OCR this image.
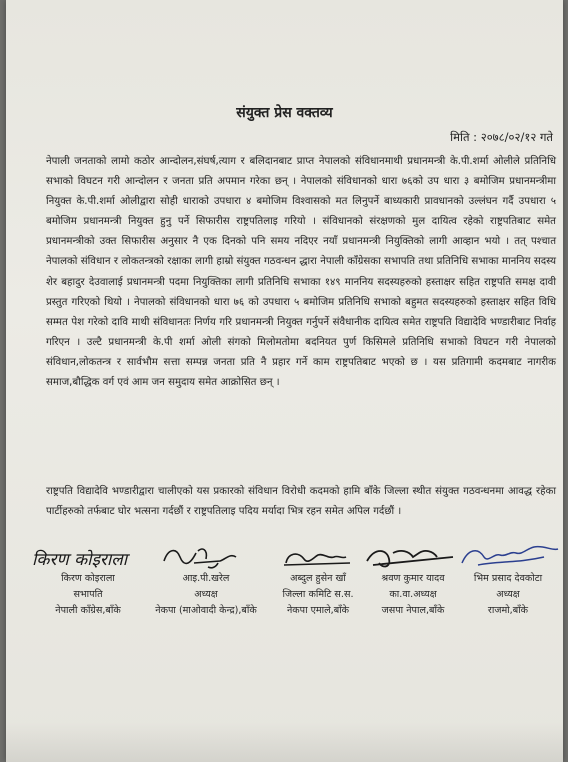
संयुक्त प्रेस वक्तव्य
मिति : २०७८/०२/१२ गते
नेपाली जनताको लामो कठोर आन्दोलन,संघर्ष,त्याग र बलिदानबाट प्राप्त नेपालको संविधानमाथी प्रधानमन्त्री के.पी.शर्मा ओलीले प्रतिनिधि सभाको विघटन गरी आन्दोलन र जनता प्रति अपमान गरेका छन् । नेपालको संविधानको धारा ७६को उप धारा ३ बमोजिम प्रधानमन्त्रीमा नियुक्त के.पी.शर्मा ओलीद्वारा सोही धाराको उपधारा ४ बमोजिम विश्वासको मत लिनुपर्ने बाध्यकारी प्रावधानको उल्लंघन गर्दै उपधारा ५ बमोजिम प्रधानमन्त्री नियुक्त हुनु पर्ने सिफारीस राष्ट्रपतिलाइ गरियो । संविधानको संरक्षणको मुल दायित्व रहेको राष्ट्रपतिबाट समेत प्रधानमन्त्रीको उक्त सिफारीस अनुसार नै एक दिनको पनि समय नदिएर नयाँ प्रधानमन्त्री नियुक्तिको लागी आव्हान भयो । तत् पश्चात नेपालको संविधान र लोकतन्त्रको रक्षाका लागी हाम्रो संयुक्त गठवन्धन द्धारा नेपाली काँग्रेसका सभापति तथा प्रतिनिधि सभाका माननिय सदस्य शेर बहादुर देउवालाई प्रधानमन्त्री पदमा नियुक्तिका लागी प्रतिनिधि सभाका १४९ माननिय सदस्यहरुको हस्ताक्षर सहित राष्ट्रपति समक्ष दावी प्रस्तुत गरिएको थियो । नेपालको संविधानको धारा ७६ को उपधारा ५ बमोजिम प्रतिनिधि सभाको बहुमत सदस्यहरुको हस्ताक्षर सहित विधि सम्मत पेश गरेको दावि माथी संविधानतः निर्णय गरि प्रधानमन्त्री नियुक्त गर्नुपर्ने संवैधानीक दायित्व समेत राष्ट्रपति विद्यादेवि भण्डारीबाट निर्वाह गरिएन । उल्टै प्रधानमन्त्री के.पी शर्मा ओली संगको मिलोमतोमा बदनियत पुर्ण किसिमले प्रतिनिधि सभाको विघटन गरी नेपालको संविधान,लोकतन्त्र र सार्वभौम सत्ता सम्पन्न जनता प्रति नै प्रहार गर्ने काम राष्ट्रपतिबाट भएको छ । यस प्रतिगामी कदमबाट नागरीक समाज,बौद्धिक वर्ग एवं आम जन समुदाय समेत आक्रोसित छन् ।
राष्ट्रपति विद्यादेवि भण्डारीद्वारा चालीएको यस प्रकारको संविधान विरोधी कदमको हामि बाँके जिल्ला स्थीत संयुक्त गठवन्धनमा आवद्ध रहेका पार्टीहरुको तर्फबाट घोर भत्सना गर्दछौं र राष्ट्रपतिलाइ पदिय मर्यादा भित्र रहन समेत अपिल गर्दछौं ।
किरण कोइराला
किरण कोइराला
सभापति
नेपाली काँग्रेस,बाँके
आइ.पी.खरेल
अध्यक्ष
नेकपा (माओवादी केन्द्र),बाँके
अब्दुल हुसेन खाँ
जिल्ला कमिटि स.स.
नेकपा एमाले,बाँके
श्रवण कुमार यादव
का.वा.अध्यक्ष
जसपा नेपाल,बाँके
भिम प्रसाद देवकोटा
अध्यक्ष
राजमो,बाँके
